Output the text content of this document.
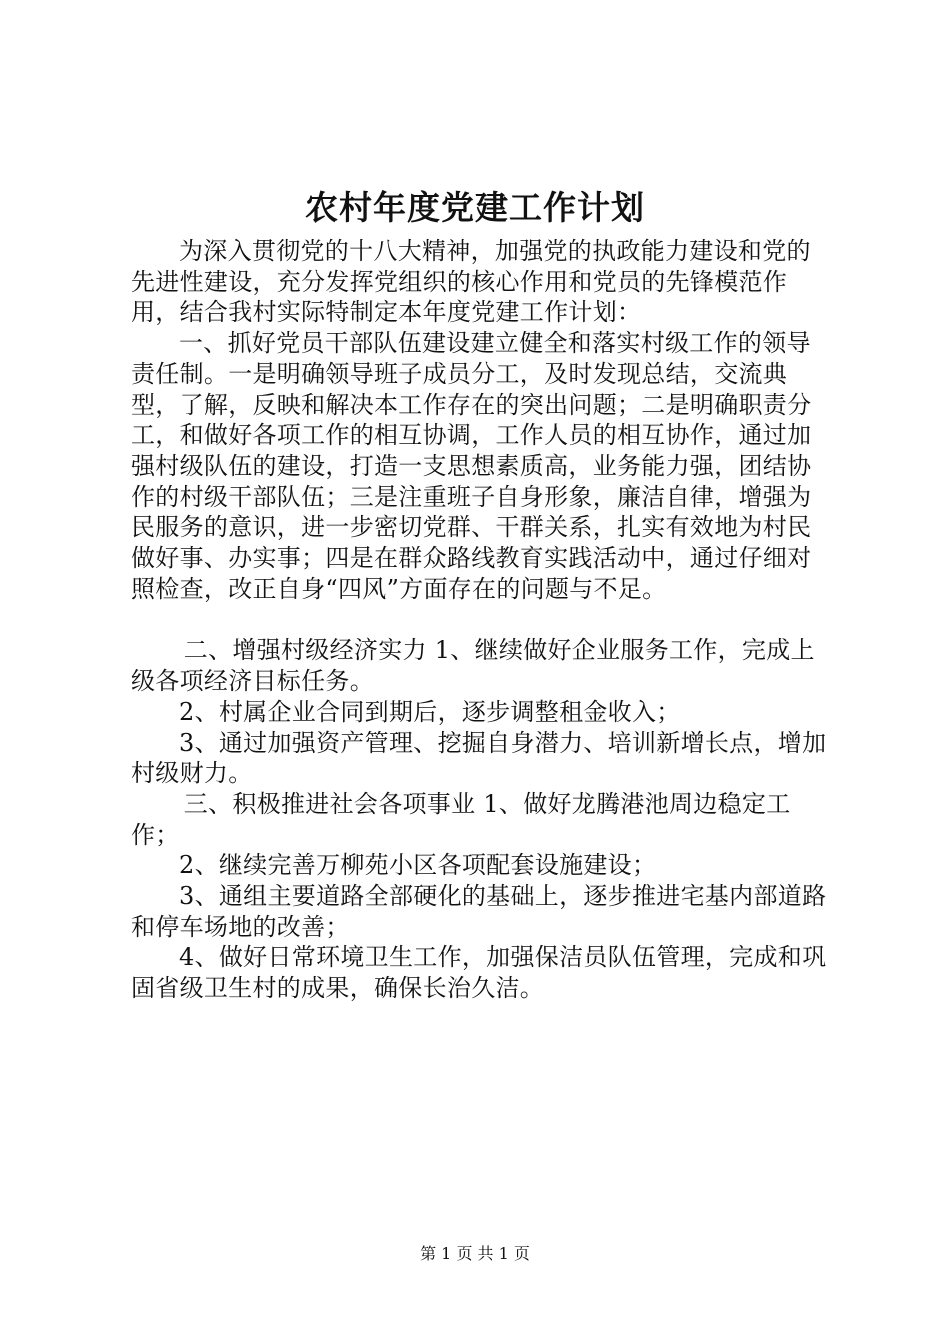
农村年度党建工作计划

为深入贯彻党的十八大精神，加强党的执政能力建设和党的先进性建设，充分发挥党组织的核心作用和党员的先锋模范作用，结合我村实际特制定本年度党建工作计划：

一、抓好党员干部队伍建设建立健全和落实村级工作的领导责任制。一是明确领导班子成员分工，及时发现总结，交流典型，了解，反映和解决本工作存在的突出问题；二是明确职责分工，和做好各项工作的相互协调，工作人员的相互协作，通过加强村级队伍的建设，打造一支思想素质高，业务能力强，团结协作的村级干部队伍；三是注重班子自身形象，廉洁自律，增强为民服务的意识，进一步密切党群、干群关系，扎实有效地为村民做好事、办实事；四是在群众路线教育实践活动中，通过仔细对照检查，改正自身“四风”方面存在的问题与不足。

二、增强村级经济实力 1、继续做好企业服务工作，完成上级各项经济目标任务。

2、村属企业合同到期后，逐步调整租金收入；

3、通过加强资产管理、挖掘自身潜力、培训新增长点，增加村级财力。

三、积极推进社会各项事业 1、做好龙腾港池周边稳定工作；

2、继续完善万柳苑小区各项配套设施建设；

3、通组主要道路全部硬化的基础上，逐步推进宅基内部道路和停车场地的改善；

4、做好日常环境卫生工作，加强保洁员队伍管理，完成和巩固省级卫生村的成果，确保长治久洁。

第 1 页 共 1 页
